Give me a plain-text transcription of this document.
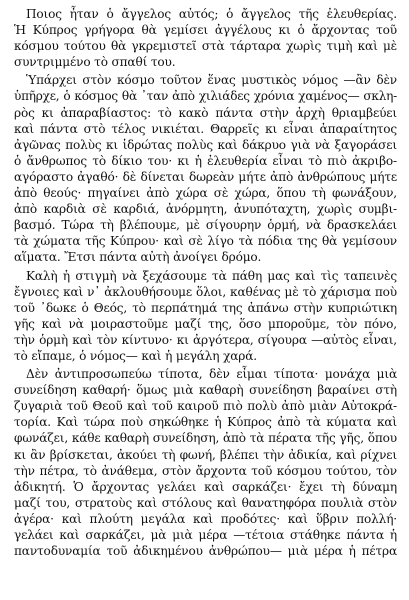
Ποιος ἦταν ὁ ἄγγελος αὐτός; ὁ ἄγγελος τῆς ἐλευθερίας.
Ἡ Κύπρος γρήγορα θὰ γεμίσει ἀγγέλους κι ὁ ἄρχοντας τοῦ
κόσμου τούτου θὰ γκρεμιστεῖ στὰ τάρταρα χωρὶς τιμὴ καὶ μὲ
συντριμμένο τὸ σπαθί του.
Ὑπάρχει στὸν κόσμο τοῦτον ἕνας μυστικὸς νόμος —ἂν δὲν
ὑπῆρχε, ὁ κόσμος θὰ ᾽ταν ἀπὸ χιλιάδες χρόνια χαμένος— σκλη-
ρὸς κι ἀπαραβίαστος: τὸ κακὸ πάντα στὴν ἀρχὴ θριαμβεύει
καὶ πάντα στὸ τέλος νικιέται. Θαρρεῖς κι εἶναι ἀπαραίτητος
ἀγῶνας πολὺς κι ἱδρώτας πολὺς καὶ δάκρυο γιὰ νὰ ξαγοράσει
ὁ ἄνθρωπος τὸ δίκιο του· κι ἡ ἐλευθερία εἶναι τὸ πιὸ ἀκριβο-
αγόραστο ἀγαθό· δὲ δίνεται δωρεὰν μήτε ἀπὸ ἀνθρώπους μήτε
ἀπὸ θεούς· πηγαίνει ἀπὸ χώρα σὲ χώρα, ὅπου τὴ φωνάξουν,
ἀπὸ καρδιὰ σὲ καρδιά, ἀνόρμητη, ἀνυπόταχτη, χωρὶς συμβι-
βασμό. Τώρα τὴ βλέπουμε, μὲ σίγουρην ὁρμή, νὰ δρασκελάει
τὰ χώματα τῆς Κύπρου· καὶ σὲ λίγο τὰ πόδια της θὰ γεμίσουν
αἵματα. Ἔτσι πάντα αὐτὴ ἀνοίγει δρόμο.
Καλὴ ἡ στιγμὴ νὰ ξεχάσουμε τὰ πάθη μας καὶ τὶς ταπεινὲς
ἔγνοιες καὶ ν᾽ ἀκλουθήσουμε ὅλοι, καθένας μὲ τὸ χάρισμα ποὺ
τοῦ ᾽δωκε ὁ Θεός, τὸ περπάτημά της ἀπάνω στὴν κυπριώτικη
γῆς καὶ νὰ μοιραστοῦμε μαζί της, ὅσο μποροῦμε, τὸν πόνο,
τὴν ὁρμὴ καὶ τὸν κίντυνο· κι ἀργότερα, σίγουρα —αὐτὸς εἶναι,
τὸ εἴπαμε, ὁ νόμος— καὶ ἡ μεγάλη χαρά.
Δὲν ἀντιπροσωπεύω τίποτα, δὲν εἶμαι τίποτα· μονάχα μιὰ
συνείδηση καθαρή· ὅμως μιὰ καθαρὴ συνείδηση βαραίνει στὴ
ζυγαριὰ τοῦ Θεοῦ καὶ τοῦ καιροῦ πιὸ πολὺ ἀπὸ μιὰν Αὐτοκρά-
τορία. Καὶ τώρα ποὺ σηκώθηκε ἡ Κύπρος ἀπὸ τὰ κύματα καὶ
φωνάζει, κάθε καθαρὴ συνείδηση, ἀπὸ τὰ πέρατα τῆς γῆς, ὅπου
κι ἂν βρίσκεται, ἀκούει τὴ φωνή, βλέπει τὴν ἀδικία, καὶ ρίχνει
τὴν πέτρα, τὸ ἀνάθεμα, στὸν ἄρχοντα τοῦ κόσμου τούτου, τὸν
ἀδικητή. Ὁ ἄρχοντας γελάει καὶ σαρκάζει· ἔχει τὴ δύναμη
μαζί του, στρατοὺς καὶ στόλους καὶ θανατηφόρα πουλιὰ στὸν
ἀγέρα· καὶ πλούτη μεγάλα καὶ προδότες· καὶ ὕβριν πολλή·
γελάει καὶ σαρκάζει, μὰ μιὰ μέρα —τέτοια στάθηκε πάντα ἡ
παντοδυναμία τοῦ ἀδικημένου ἀνθρώπου— μιὰ μέρα ἡ πέτρα
